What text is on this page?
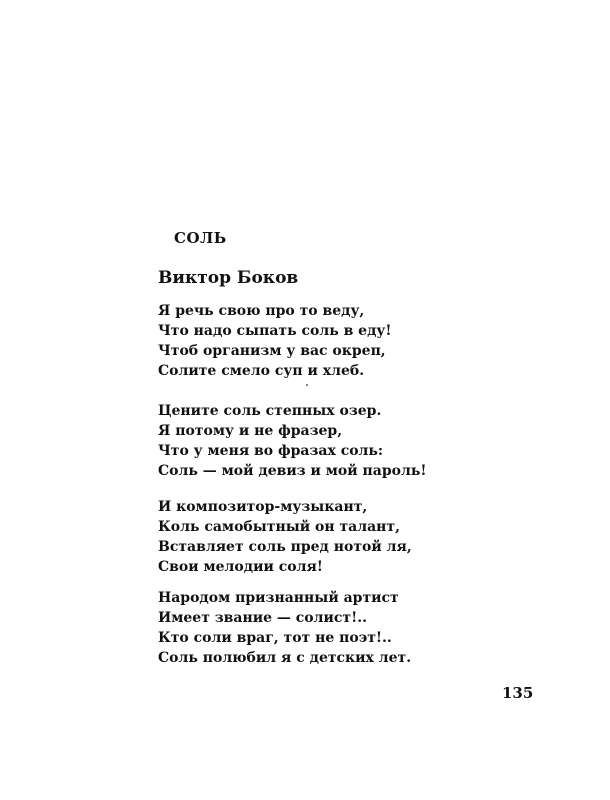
СОЛЬ
Виктор Боков
Я речь свою про то веду,
Что надо сыпать соль в еду!
Чтоб организм у вас окреп,
Солите смело суп и хлеб.
Цените соль степных озер.
Я потому и не фразер,
Что у меня во фразах соль:
Соль — мой девиз и мой пароль!
И композитор-музыкант,
Коль самобытный он талант,
Вставляет соль пред нотой ля,
Свои мелодии соля!
Народом признанный артист
Имеет звание — солист!..
Кто соли враг, тот не поэт!..
Соль полюбил я с детских лет.
135
